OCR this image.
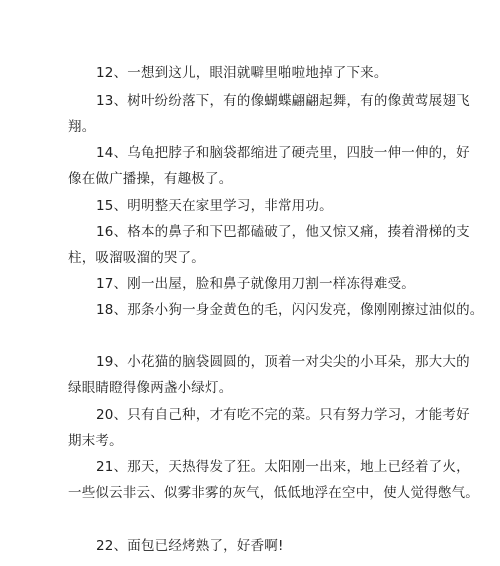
12、一想到这儿，眼泪就噼里啪啦地掉了下来。
13、树叶纷纷落下，有的像蝴蝶翩翩起舞，有的像黄莺展翅飞
翔。
14、乌龟把脖子和脑袋都缩进了硬壳里，四肢一伸一伸的，好
像在做广播操，有趣极了。
15、明明整天在家里学习，非常用功。
16、格本的鼻子和下巴都磕破了，他又惊又痛，揍着滑梯的支
柱，吸溜吸溜的哭了。
17、刚一出屋，脸和鼻子就像用刀割一样冻得难受。
18、那条小狗一身金黄色的毛，闪闪发亮，像刚刚擦过油似的。
19、小花猫的脑袋圆圆的，顶着一对尖尖的小耳朵，那大大的
绿眼睛瞪得像两盏小绿灯。
20、只有自己种，才有吃不完的菜。只有努力学习，才能考好
期末考。
21、那天，天热得发了狂。太阳刚一出来，地上已经着了火，
一些似云非云、似雾非雾的灰气，低低地浮在空中，使人觉得憋气。
22、面包已经烤熟了，好香啊!
